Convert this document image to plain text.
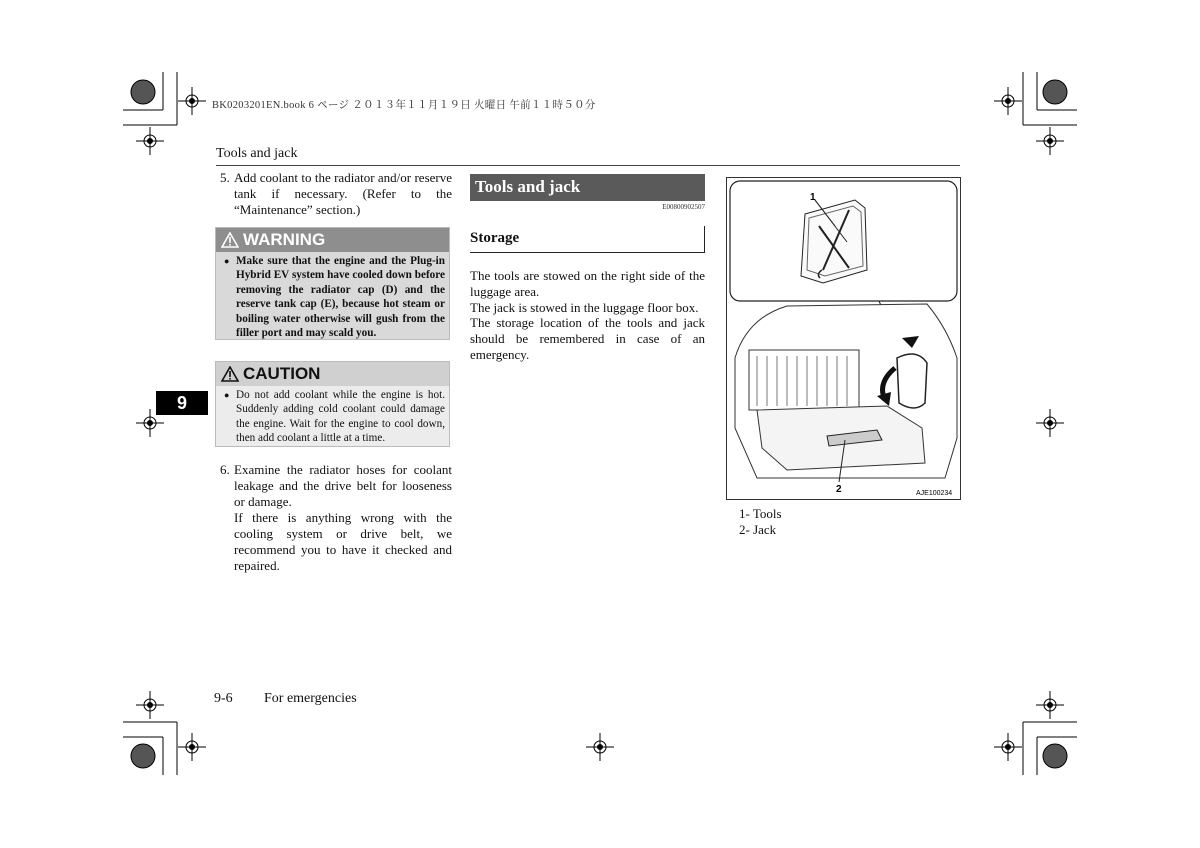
BK0203201EN.book 6 ページ ２０１３年１１月１９日 火曜日 午前１１時５０分
Tools and jack
9
5. Add coolant to the radiator and/or reserve tank if necessary. (Refer to the “Maintenance” section.)
WARNING
● Make sure that the engine and the Plug-in Hybrid EV system have cooled down before removing the radiator cap (D) and the reserve tank cap (E), because hot steam or boiling water otherwise will gush from the filler port and may scald you.
CAUTION
● Do not add coolant while the engine is hot. Suddenly adding cold coolant could damage the engine. Wait for the engine to cool down, then add coolant a little at a time.
6. Examine the radiator hoses for coolant leakage and the drive belt for looseness or damage.
If there is anything wrong with the cooling system or drive belt, we recommend you to have it checked and repaired.
Tools and jack
E00800902507
Storage
The tools are stowed on the right side of the luggage area.
The jack is stowed in the luggage floor box.
The storage location of the tools and jack should be remembered in case of an emergency.
1
2	AJE100234
1- Tools
2- Jack
9-6 For emergencies
